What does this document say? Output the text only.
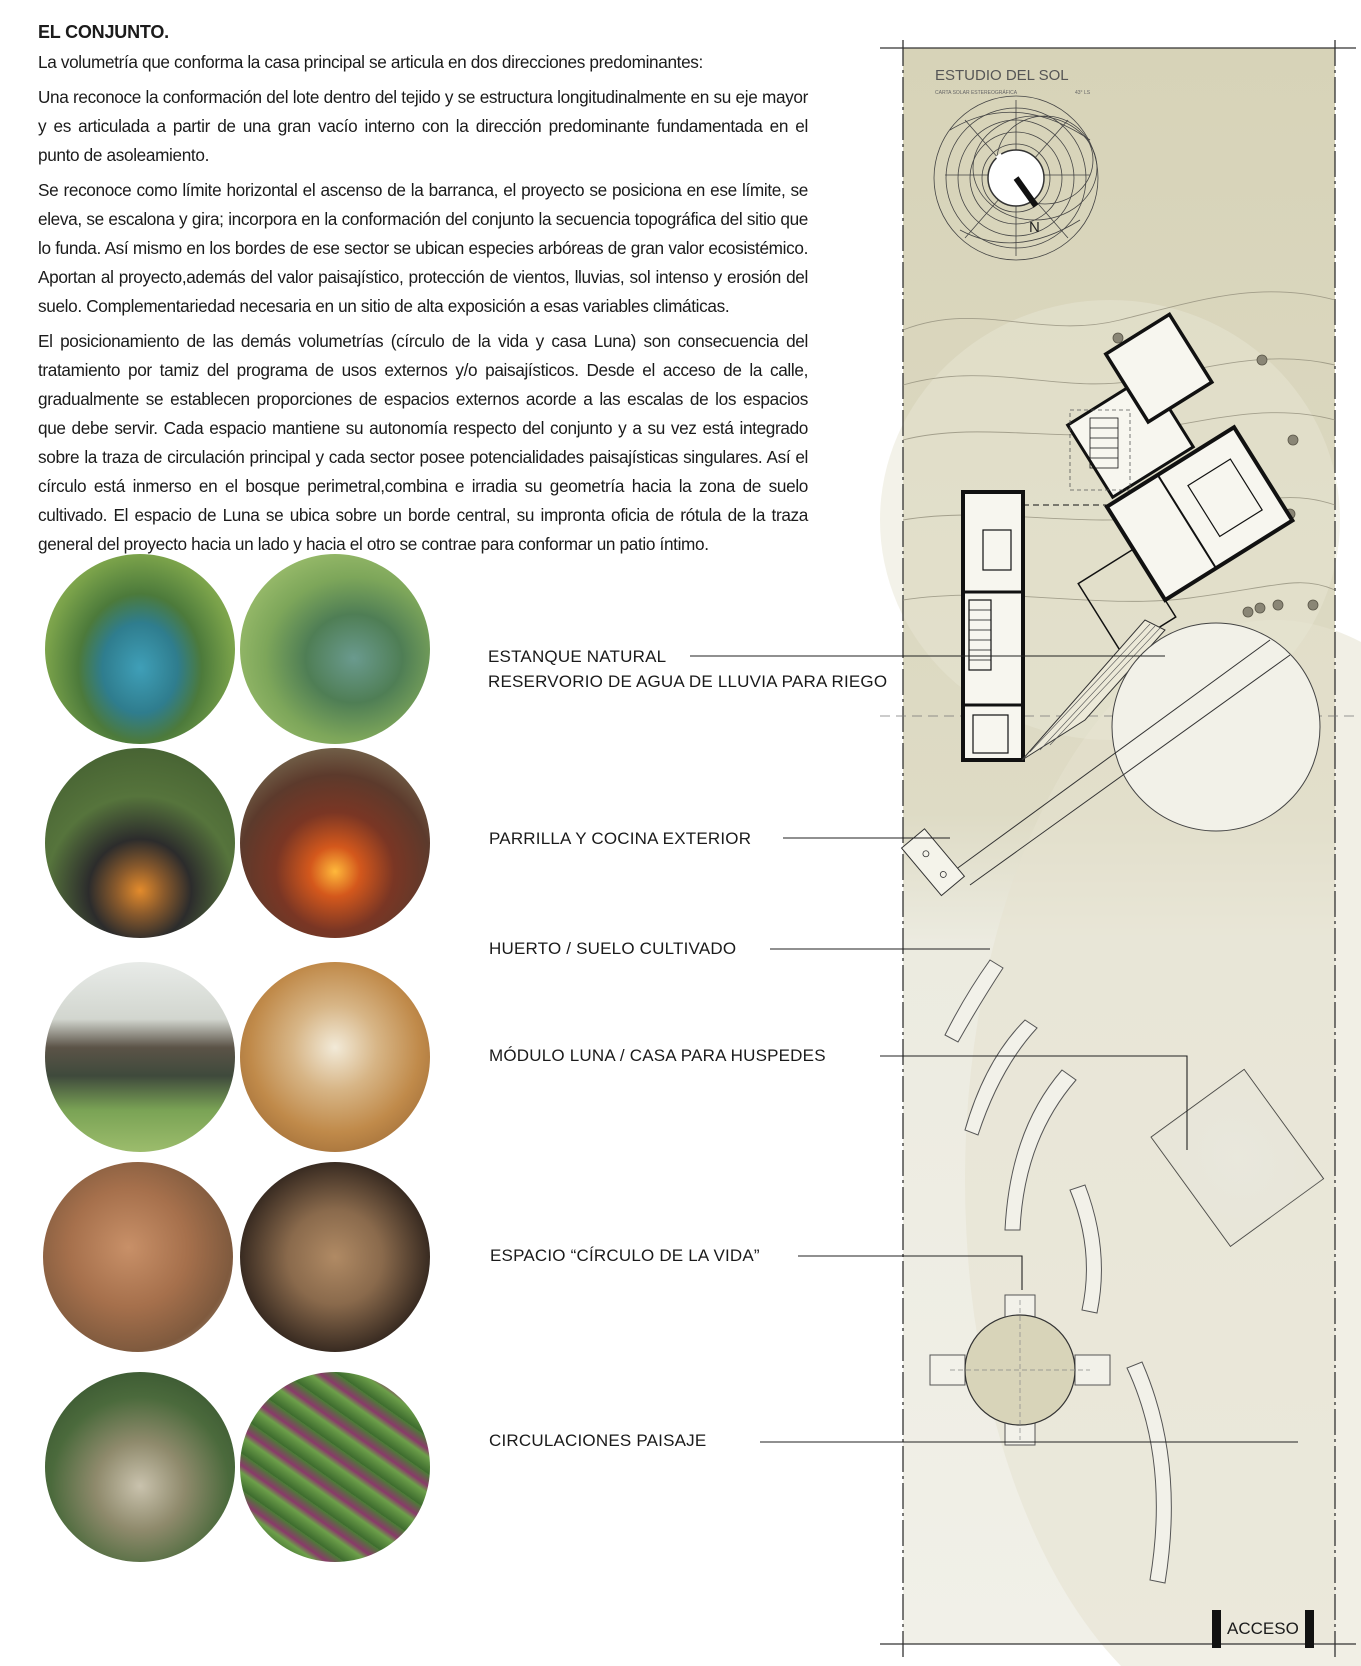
EL CONJUNTO.

La volumetría que conforma la casa principal se articula en dos direcciones predominantes:

Una reconoce la conformación del lote dentro del tejido y se estructura longitudinalmente en su eje mayor y es articulada a partir de una gran vacío interno con la dirección predominante fundamentada en el punto de asoleamiento.

Se reconoce como límite horizontal el ascenso de la barranca, el proyecto se posiciona en ese límite, se eleva, se escalona y gira; incorpora en la conformación del conjunto la secuencia topográfica del sitio que lo funda. Así mismo en los bordes de ese sector se ubican especies arbóreas de gran valor ecosistémico. Aportan al proyecto,además del valor paisajístico, protección de vientos, lluvias, sol intenso y erosión del suelo. Complementariedad necesaria en un sitio de alta exposición a esas variables climáticas.

El posicionamiento de las demás volumetrías (círculo de la vida y casa Luna) son consecuencia del tratamiento por tamiz del programa de usos externos y/o paisajísticos. Desde el acceso de la calle, gradualmente se establecen proporciones de espacios externos acorde a las escalas de los espacios que debe servir. Cada espacio mantiene su autonomía respecto del conjunto y a su vez está integrado sobre la traza de circulación principal y cada sector posee potencialidades paisajísticas singulares. Así el círculo está inmerso en el bosque perimetral,combina e irradia su geometría hacia la zona de suelo cultivado. El espacio de Luna se ubica sobre un borde central, su impronta oficia de rótula de la traza general del proyecto hacia un lado y hacia el otro se contrae para conformar un patio íntimo.

ESTANQUE NATURAL
RESERVORIO DE AGUA DE LLUVIA PARA RIEGO
PARRILLA Y COCINA EXTERIOR
HUERTO / SUELO CULTIVADO
MÓDULO LUNA / CASA PARA HUSPEDES
ESPACIO “CÍRCULO DE LA VIDA”
CIRCULACIONES PAISAJE
ESTUDIO DEL SOL
CARTA SOLAR ESTEREOGRÁFICA	43° LS
N
ACCESO
